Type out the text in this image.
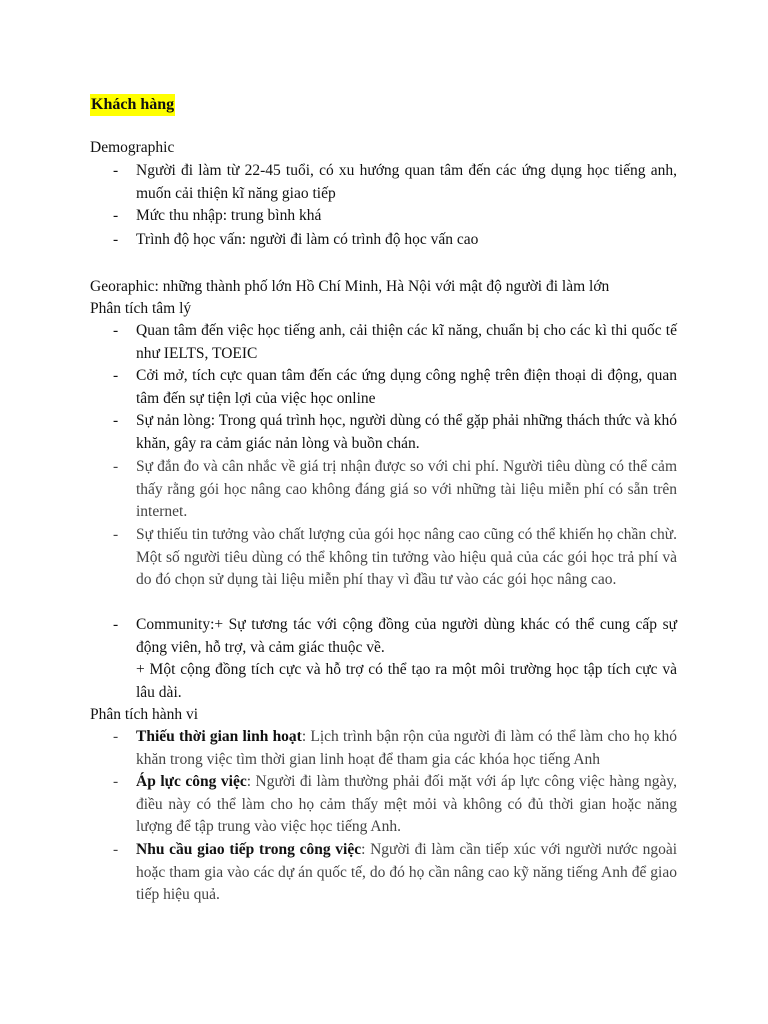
Khách hàng
Demographic
- Người đi làm từ 22-45 tuổi, có xu hướng quan tâm đến các ứng dụng học tiếng anh, muốn cải thiện kĩ năng giao tiếp
- Mức thu nhập: trung bình khá
- Trình độ học vấn: người đi làm có trình độ học vấn cao
Georaphic: những thành phố lớn Hồ Chí Minh, Hà Nội với mật độ người đi làm lớn
Phân tích tâm lý
- Quan tâm đến việc học tiếng anh, cải thiện các kĩ năng, chuẩn bị cho các kì thi quốc tế như IELTS, TOEIC
- Cởi mở, tích cực quan tâm đến các ứng dụng công nghệ trên điện thoại di động, quan tâm đến sự tiện lợi của việc học online
- Sự nản lòng: Trong quá trình học, người dùng có thể gặp phải những thách thức và khó khăn, gây ra cảm giác nản lòng và buồn chán.
- Sự đắn đo và cân nhắc về giá trị nhận được so với chi phí. Người tiêu dùng có thể cảm thấy rằng gói học nâng cao không đáng giá so với những tài liệu miễn phí có sẵn trên internet.
- Sự thiếu tin tưởng vào chất lượng của gói học nâng cao cũng có thể khiến họ chần chừ. Một số người tiêu dùng có thể không tin tưởng vào hiệu quả của các gói học trả phí và do đó chọn sử dụng tài liệu miễn phí thay vì đầu tư vào các gói học nâng cao.
- Community:+ Sự tương tác với cộng đồng của người dùng khác có thể cung cấp sự động viên, hỗ trợ, và cảm giác thuộc về.
+ Một cộng đồng tích cực và hỗ trợ có thể tạo ra một môi trường học tập tích cực và lâu dài.
Phân tích hành vi
- Thiếu thời gian linh hoạt: Lịch trình bận rộn của người đi làm có thể làm cho họ khó khăn trong việc tìm thời gian linh hoạt để tham gia các khóa học tiếng Anh
- Áp lực công việc: Người đi làm thường phải đối mặt với áp lực công việc hàng ngày, điều này có thể làm cho họ cảm thấy mệt mỏi và không có đủ thời gian hoặc năng lượng để tập trung vào việc học tiếng Anh.
- Nhu cầu giao tiếp trong công việc: Người đi làm cần tiếp xúc với người nước ngoài hoặc tham gia vào các dự án quốc tế, do đó họ cần nâng cao kỹ năng tiếng Anh để giao tiếp hiệu quả.
